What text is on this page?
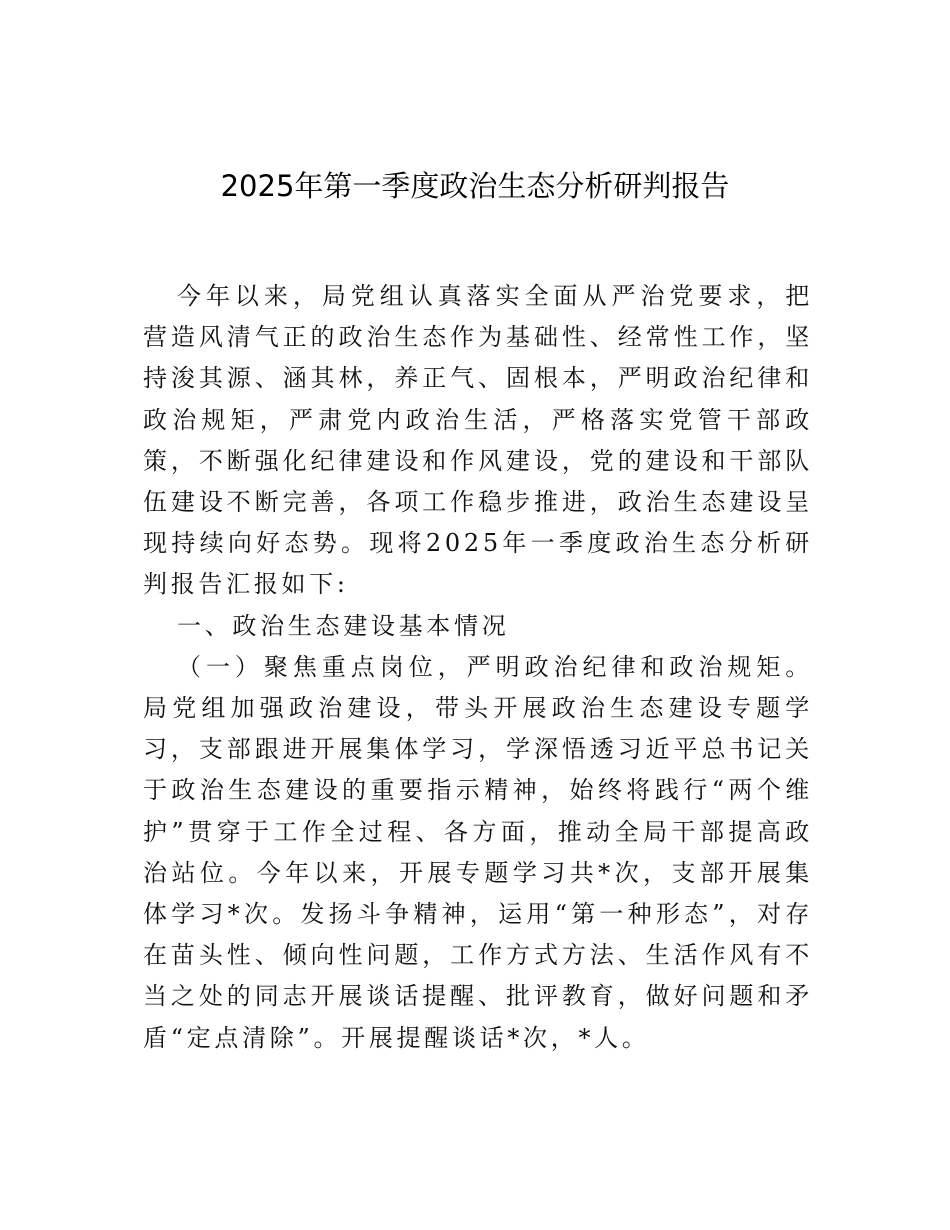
2025年第一季度政治生态分析研判报告

今年以来，局党组认真落实全面从严治党要求，把营造风清气正的政治生态作为基础性、经常性工作，坚持浚其源、涵其林，养正气、固根本，严明政治纪律和政治规矩，严肃党内政治生活，严格落实党管干部政策，不断强化纪律建设和作风建设，党的建设和干部队伍建设不断完善，各项工作稳步推进，政治生态建设呈现持续向好态势。现将2025年一季度政治生态分析研判报告汇报如下:

一、政治生态建设基本情况

（一）聚焦重点岗位，严明政治纪律和政治规矩。局党组加强政治建设，带头开展政治生态建设专题学习，支部跟进开展集体学习，学深悟透习近平总书记关于政治生态建设的重要指示精神，始终将践行“两个维护”贯穿于工作全过程、各方面，推动全局干部提高政治站位。今年以来，开展专题学习共*次，支部开展集体学习*次。发扬斗争精神，运用“第一种形态”，对存在苗头性、倾向性问题，工作方式方法、生活作风有不当之处的同志开展谈话提醒、批评教育，做好问题和矛盾“定点清除”。开展提醒谈话*次，*人。
